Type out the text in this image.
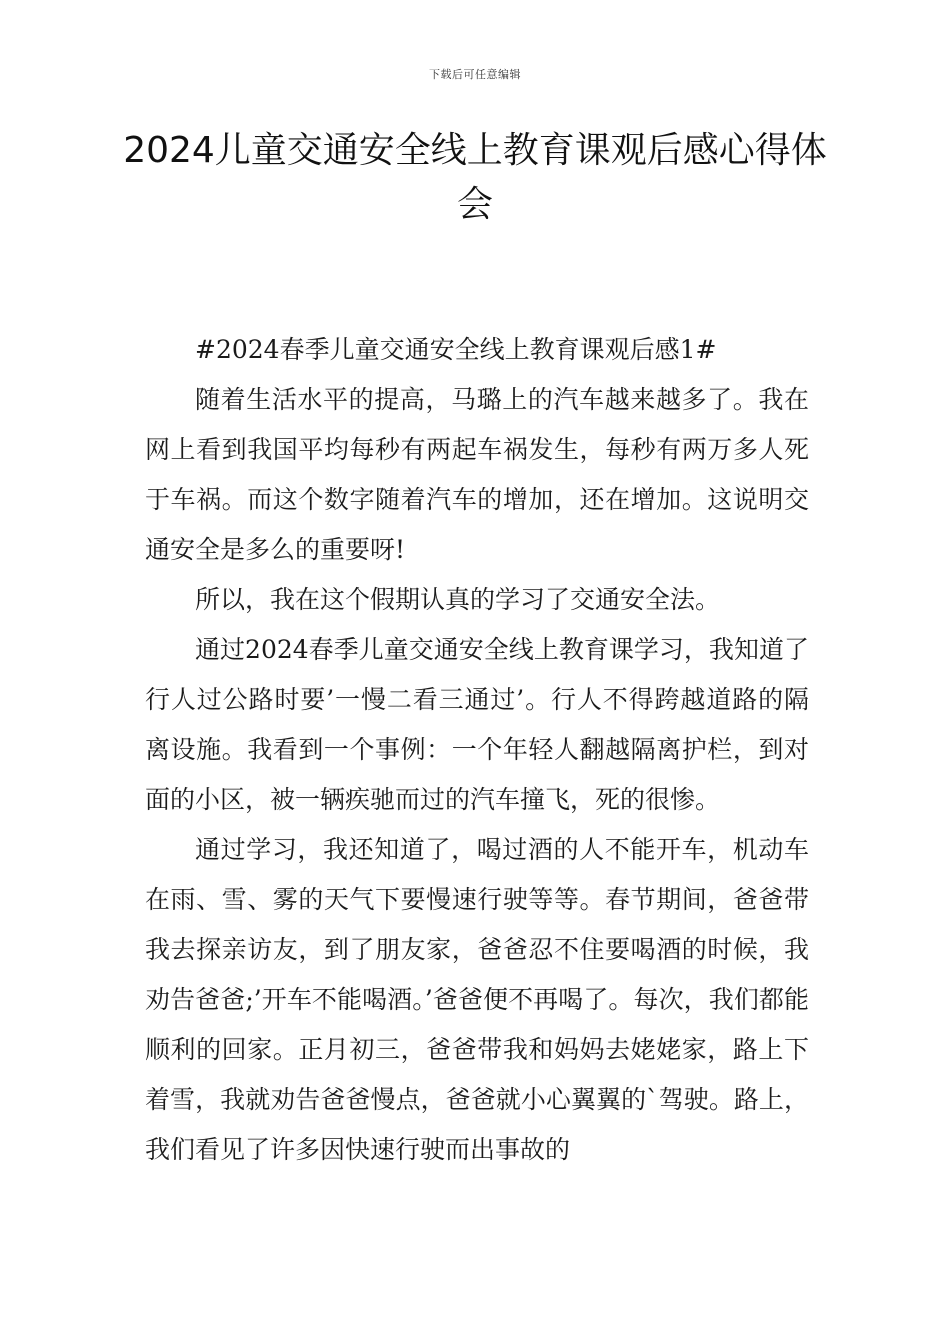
下载后可任意编辑
2024儿童交通安全线上教育课观后感心得体会

#2024春季儿童交通安全线上教育课观后感1#

随着生活水平的提高，马璐上的汽车越来越多了。我在网上看到我国平均每秒有两起车祸发生，每秒有两万多人死于车祸。而这个数字随着汽车的增加，还在增加。这说明交通安全是多么的重要呀!

所以，我在这个假期认真的学习了交通安全法。

通过2024春季儿童交通安全线上教育课学习，我知道了行人过公路时要’一慢二看三通过’。行人不得跨越道路的隔离设施。我看到一个事例：一个年轻人翻越隔离护栏，到对面的小区，被一辆疾驰而过的汽车撞飞，死的很惨。

通过学习，我还知道了，喝过酒的人不能开车，机动车在雨、雪、雾的天气下要慢速行驶等等。春节期间，爸爸带我去探亲访友，到了朋友家，爸爸忍不住要喝酒的时候，我劝告爸爸;’开车不能喝酒。’爸爸便不再喝了。每次，我们都能顺利的回家。正月初三，爸爸带我和妈妈去姥姥家，路上下着雪，我就劝告爸爸慢点，爸爸就小心翼翼的`驾驶。路上，我们看见了许多因快速行驶而出事故的
